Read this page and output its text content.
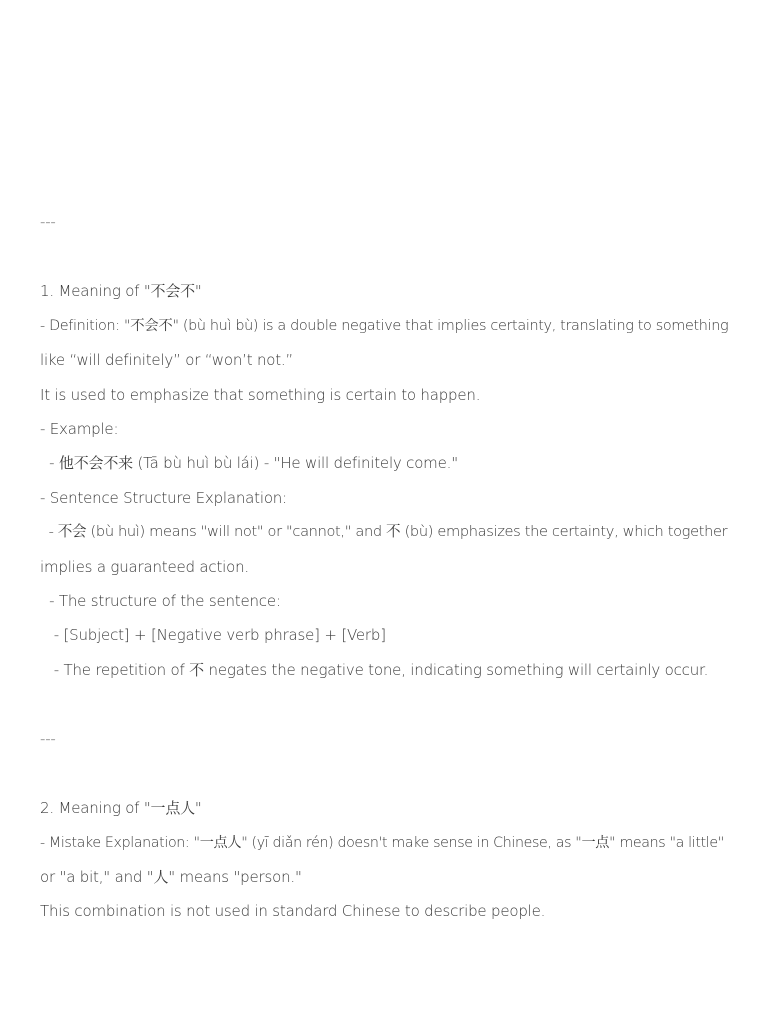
---
1. Meaning of "不会不"
- Definition: "不会不" (bù huì bù) is a double negative that implies certainty, translating to something
like “will definitely” or “won’t not.”
It is used to emphasize that something is certain to happen.
- Example:
- 他不会不来 (Tā bù huì bù lái) - "He will definitely come."
- Sentence Structure Explanation:
- 不会 (bù huì) means "will not" or "cannot," and 不 (bù) emphasizes the certainty, which together
implies a guaranteed action.
- The structure of the sentence:
- [Subject] + [Negative verb phrase] + [Verb]
- The repetition of 不 negates the negative tone, indicating something will certainly occur.
---
2. Meaning of "一点人"
- Mistake Explanation: "一点人" (yī diǎn rén) doesn't make sense in Chinese, as "一点" means "a little"
or "a bit," and "人" means "person."
This combination is not used in standard Chinese to describe people.
